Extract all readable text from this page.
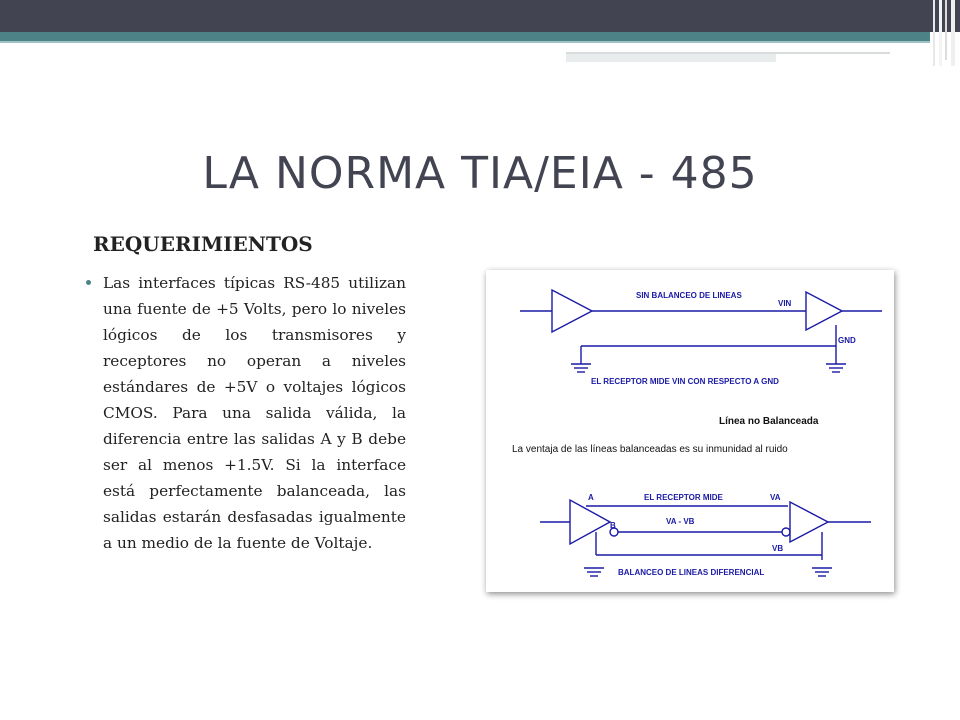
LA NORMA TIA/EIA - 485
REQUERIMIENTOS

Las interfaces típicas RS-485 utilizan una fuente de +5 Volts, pero lo niveles lógicos de los transmisores y receptores no operan a niveles estándares de +5V o voltajes lógicos CMOS. Para una salida válida, la diferencia entre las salidas A y B debe ser al menos +1.5V. Si la interface está perfectamente balanceada, las salidas estarán desfasadas igualmente a un medio de la fuente de Voltaje.

SIN BALANCEO DE LINEAS
VIN
GND
EL RECEPTOR MIDE VIN CON RESPECTO A GND
Línea no Balanceada
La ventaja de las líneas balanceadas es su inmunidad al ruido
A
B
EL RECEPTOR MIDE	VA
VA - VB
VB
BALANCEO DE LINEAS DIFERENCIAL
